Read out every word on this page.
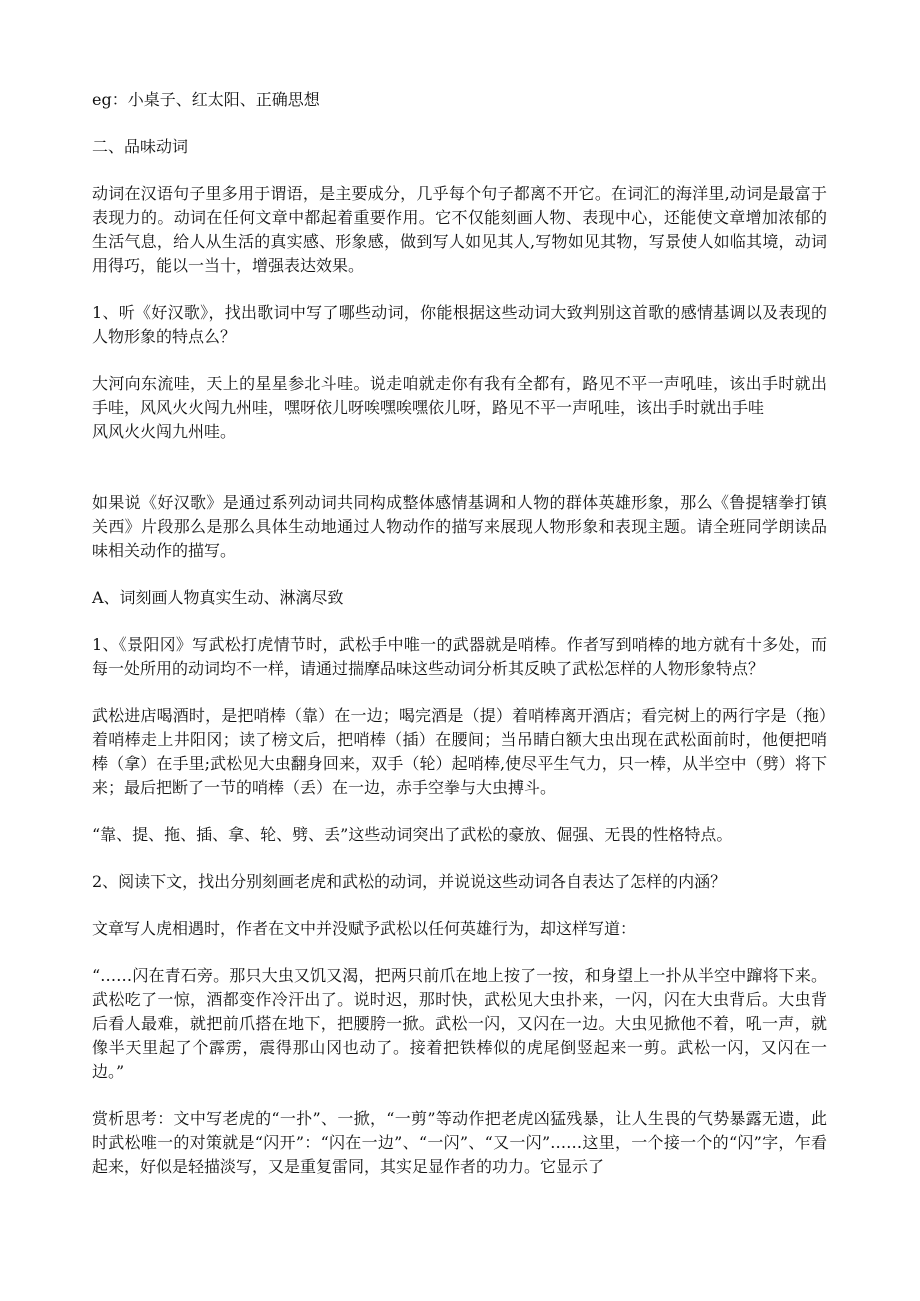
eg：小桌子、红太阳、正确思想

二、品味动词

动词在汉语句子里多用于谓语，是主要成分，几乎每个句子都离不开它。在词汇的海洋里,动词是最富于表现力的。动词在任何文章中都起着重要作用。它不仅能刻画人物、表现中心，还能使文章增加浓郁的生活气息，给人从生活的真实感、形象感，做到写人如见其人,写物如见其物，写景使人如临其境，动词用得巧，能以一当十，增强表达效果。

1、听《好汉歌》，找出歌词中写了哪些动词，你能根据这些动词大致判别这首歌的感情基调以及表现的人物形象的特点么？

大河向东流哇，天上的星星参北斗哇。说走咱就走你有我有全都有，路见不平一声吼哇，该出手时就出手哇，风风火火闯九州哇，嘿呀依儿呀唉嘿唉嘿依儿呀，路见不平一声吼哇，该出手时就出手哇
风风火火闯九州哇。

如果说《好汉歌》是通过系列动词共同构成整体感情基调和人物的群体英雄形象，那么《鲁提辖拳打镇关西》片段那么是那么具体生动地通过人物动作的描写来展现人物形象和表现主题。请全班同学朗读品味相关动作的描写。

A、词刻画人物真实生动、淋漓尽致

1、《景阳冈》写武松打虎情节时，武松手中唯一的武器就是哨棒。作者写到哨棒的地方就有十多处，而每一处所用的动词均不一样，请通过揣摩品味这些动词分析其反映了武松怎样的人物形象特点？

武松进店喝酒时，是把哨棒（靠）在一边；喝完酒是（提）着哨棒离开酒店；看完树上的两行字是（拖）着哨棒走上井阳冈；读了榜文后，把哨棒（插）在腰间；当吊睛白额大虫出现在武松面前时，他便把哨棒（拿）在手里;武松见大虫翻身回来，双手（轮）起哨棒,使尽平生气力，只一棒，从半空中（劈）将下来；最后把断了一节的哨棒（丢）在一边，赤手空拳与大虫搏斗。

“靠、提、拖、插、拿、轮、劈、丢”这些动词突出了武松的豪放、倔强、无畏的性格特点。

2、阅读下文，找出分别刻画老虎和武松的动词，并说说这些动词各自表达了怎样的内涵？

文章写人虎相遇时，作者在文中并没赋予武松以任何英雄行为，却这样写道：

“……闪在青石旁。那只大虫又饥又渴，把两只前爪在地上按了一按，和身望上一扑从半空中蹿将下来。武松吃了一惊，酒都变作冷汗出了。说时迟，那时快，武松见大虫扑来，一闪，闪在大虫背后。大虫背后看人最难，就把前爪搭在地下，把腰胯一掀。武松一闪，又闪在一边。大虫见掀他不着，吼一声，就像半天里起了个霹雳，震得那山冈也动了。接着把铁棒似的虎尾倒竖起来一剪。武松一闪，又闪在一边。”

赏析思考：文中写老虎的“一扑”、一掀，“一剪”等动作把老虎凶猛残暴，让人生畏的气势暴露无遗，此时武松唯一的对策就是“闪开”：“闪在一边”、“一闪”、“又一闪”……这里，一个接一个的“闪”字，乍看起来，好似是轻描淡写，又是重复雷同，其实足显作者的功力。它显示了
